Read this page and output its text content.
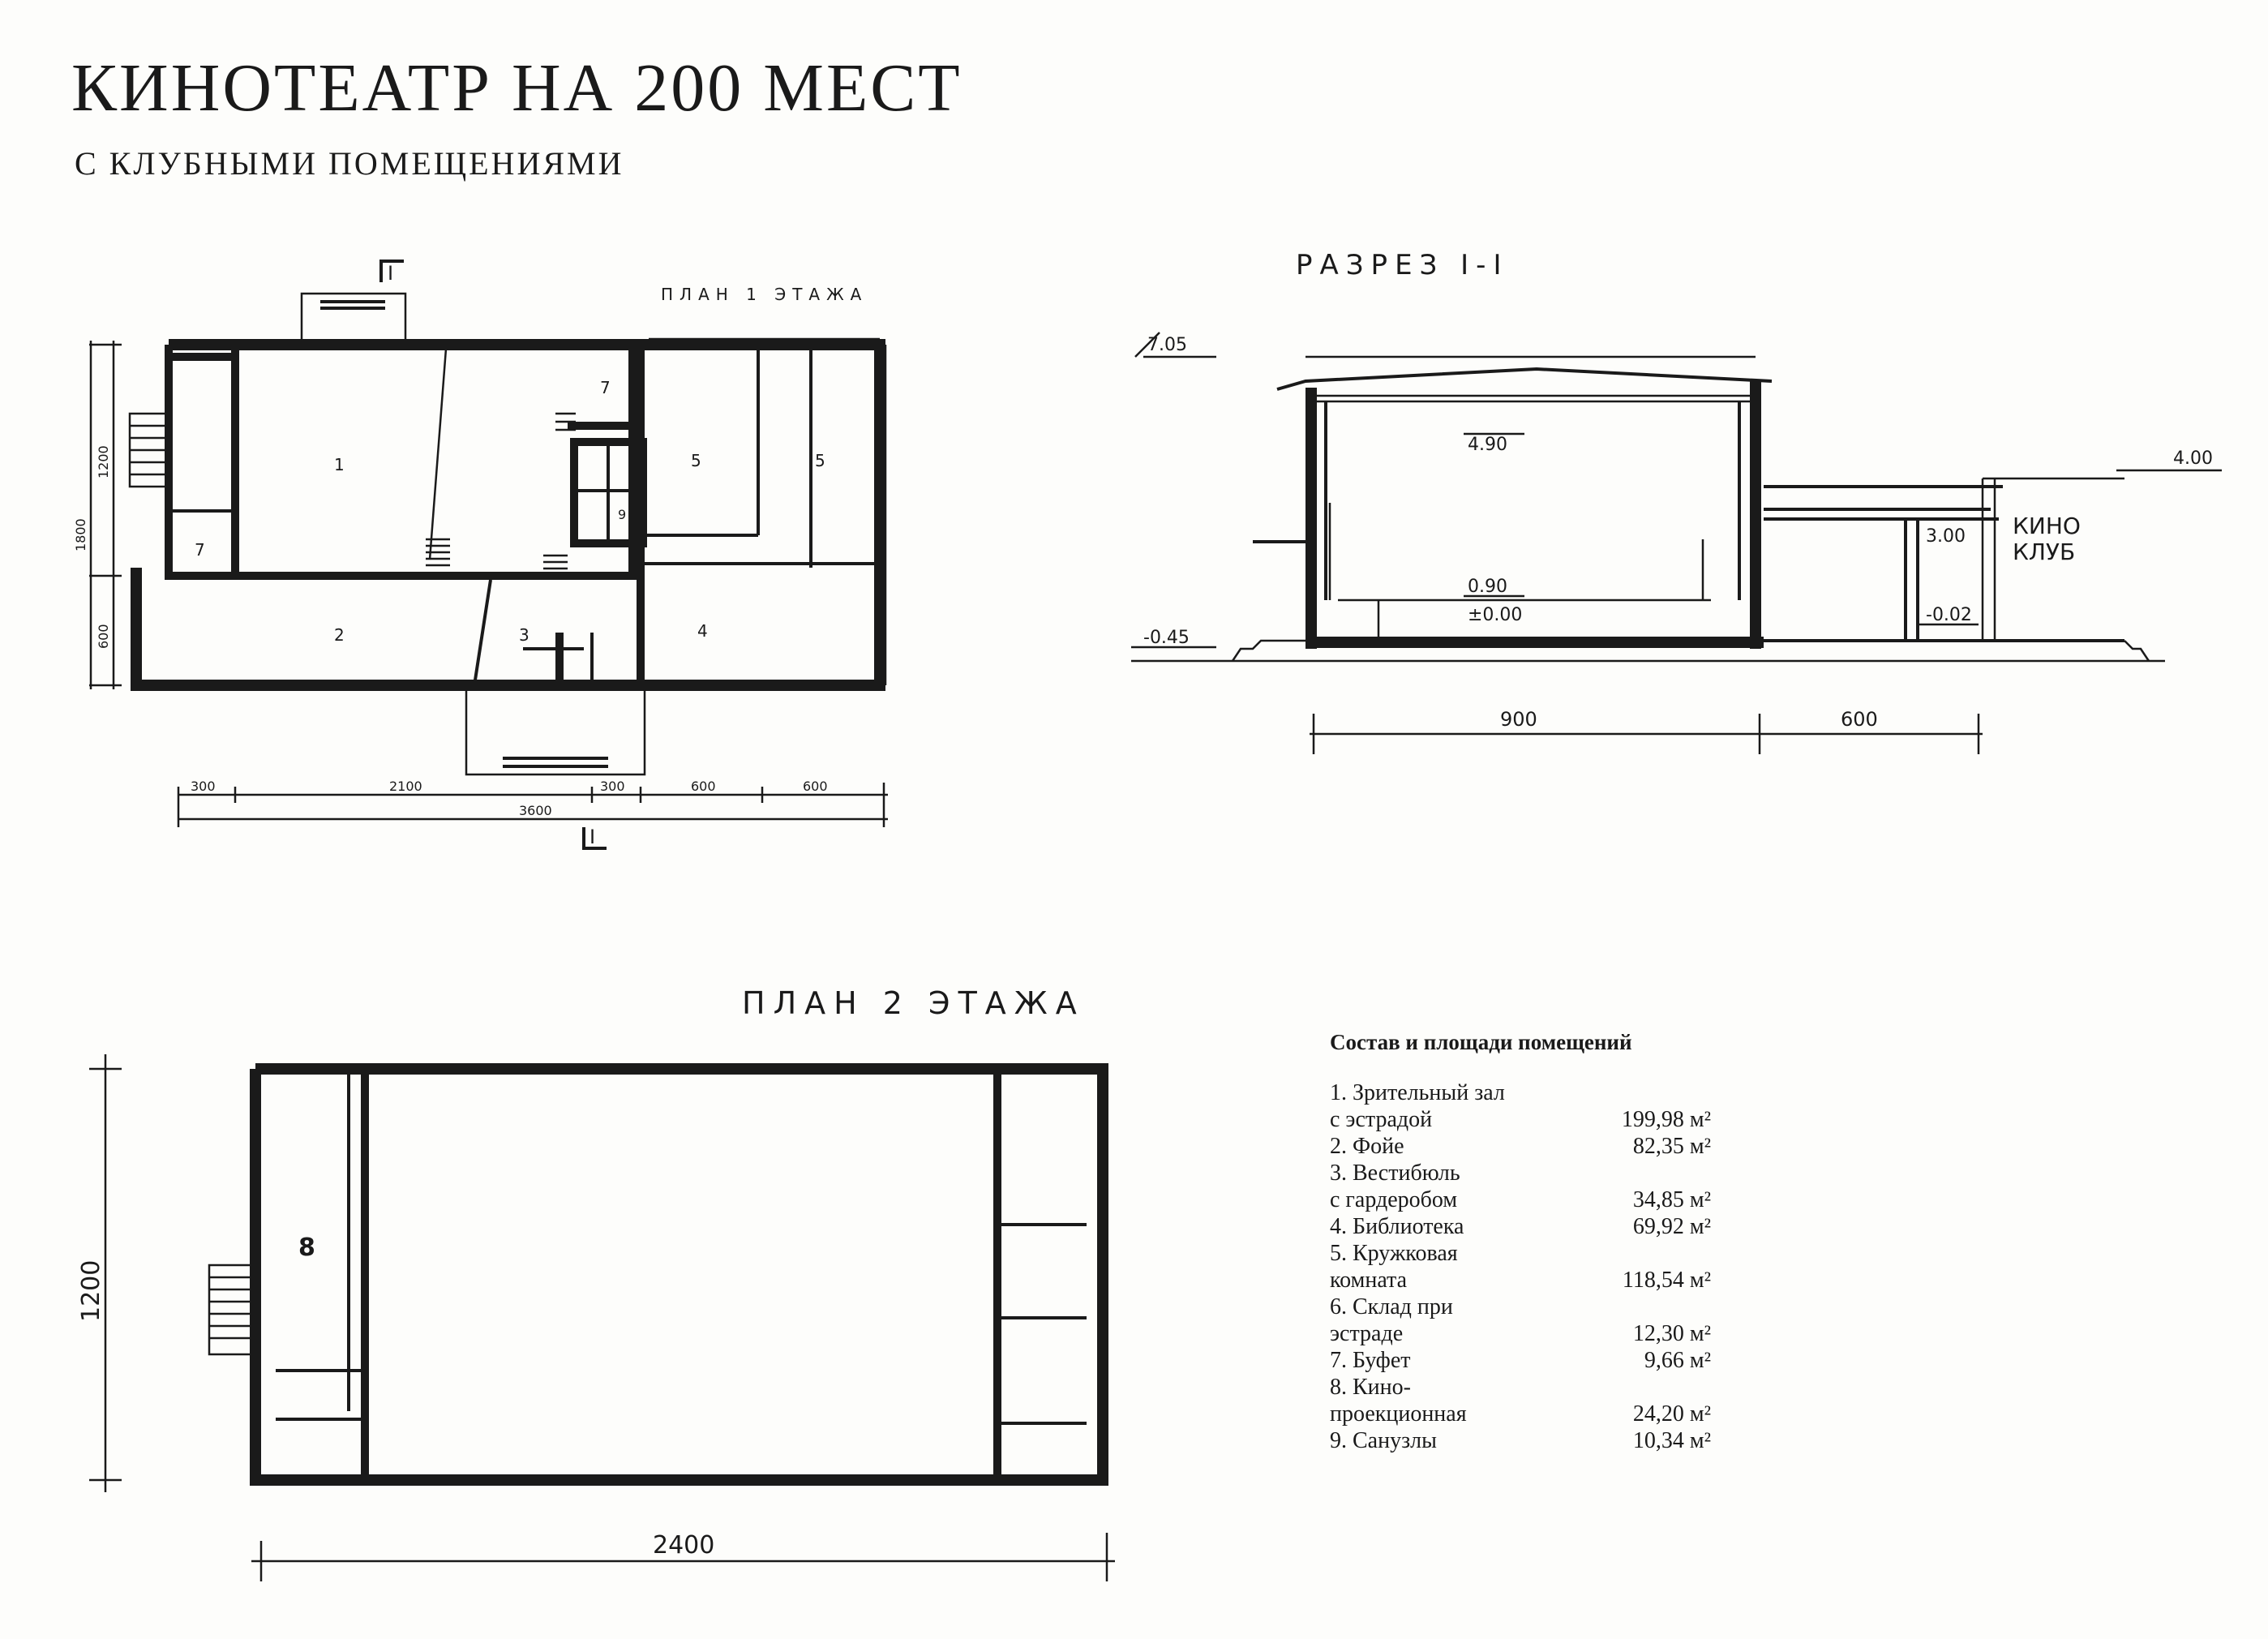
КИНОТЕАТР НА 200 МЕСТ
С КЛУБНЫМИ ПОМЕЩЕНИЯМИ
ПЛАН 1 ЭТАЖА
I
I
1
2	3	4
5	5
7
7
9
1200
600
1800
300	2100	300	600	600
3600
РАЗРЕЗ I-I
7.05
4.90
0.90
±0.00
-0.45
4.00
3.00
-0.02
КИНО КЛУБ
900	600
ПЛАН 2 ЭТАЖА
8
1200
2400
Состав и площади помещений
1. Зрительный зал
с эстрадой	199,98 м²
2. Фойе	82,35 м²
3. Вестибюль
с гардеробом	34,85 м²
4. Библиотека	69,92 м²
5. Кружковая
комната	118,54 м²
6. Склад при
эстраде	12,30 м²
7. Буфет	9,66 м²
8. Кино-
проекционная	24,20 м²
9. Санузлы	10,34 м²
